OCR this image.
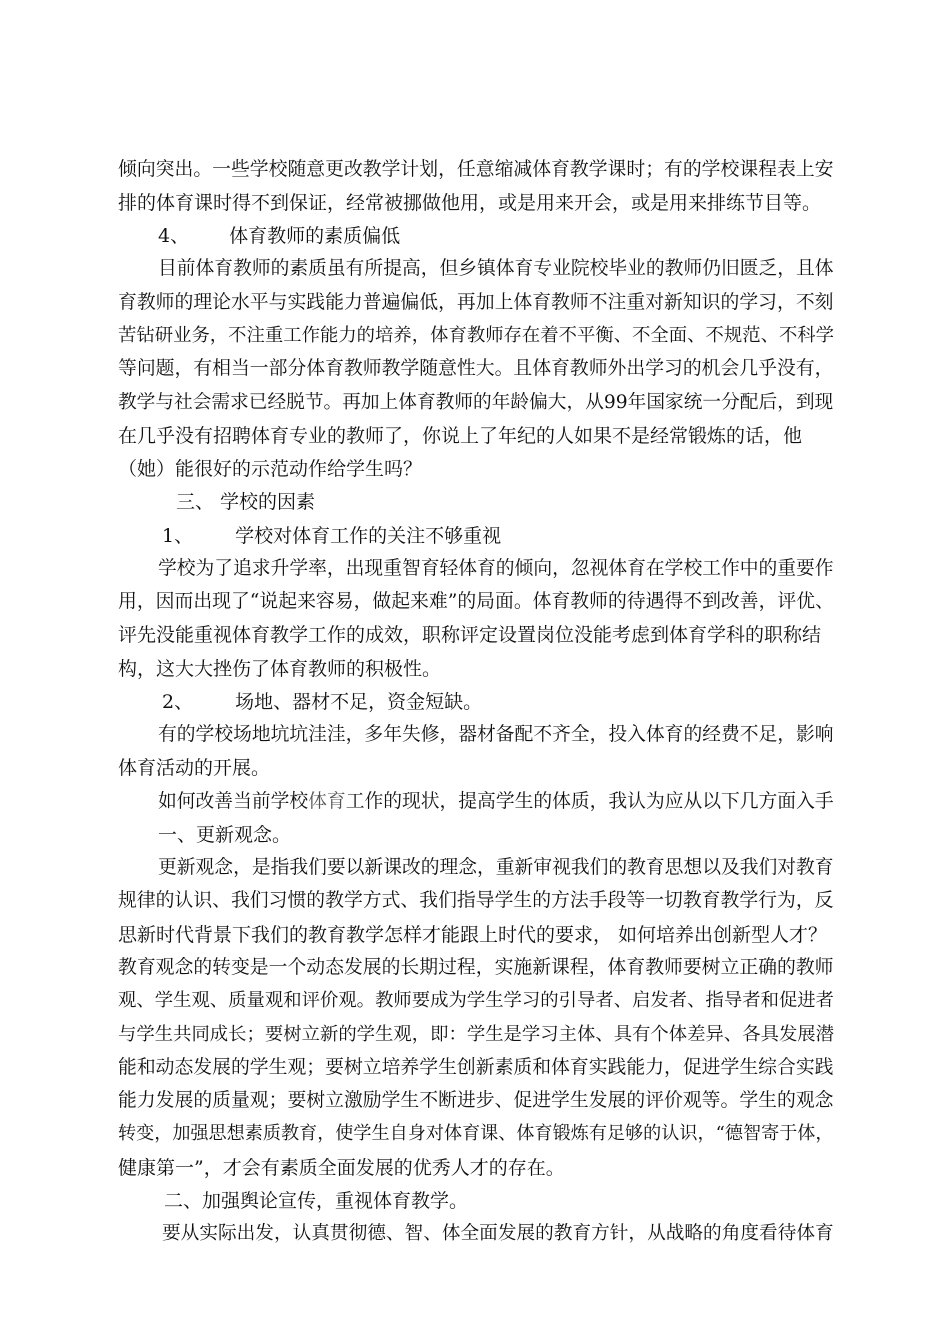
倾向突出。一些学校随意更改教学计划，任意缩减体育教学课时；有的学校课程表上安
排的体育课时得不到保证，经常被挪做他用，或是用来开会，或是用来排练节目等。
4、 体育教师的素质偏低
目前体育教师的素质虽有所提高，但乡镇体育专业院校毕业的教师仍旧匮乏，且体
育教师的理论水平与实践能力普遍偏低，再加上体育教师不注重对新知识的学习，不刻
苦钻研业务，不注重工作能力的培养，体育教师存在着不平衡、不全面、不规范、不科学
等问题，有相当一部分体育教师教学随意性大。且体育教师外出学习的机会几乎没有，
教学与社会需求已经脱节。再加上体育教师的年龄偏大，从99年国家统一分配后，到现
在几乎没有招聘体育专业的教师了，你说上了年纪的人如果不是经常锻炼的话，他
（她）能很好的示范动作给学生吗？
三、 学校的因素
1、 学校对体育工作的关注不够重视
学校为了追求升学率，出现重智育轻体育的倾向，忽视体育在学校工作中的重要作
用，因而出现了“说起来容易，做起来难”的局面。体育教师的待遇得不到改善，评优、
评先没能重视体育教学工作的成效，职称评定设置岗位没能考虑到体育学科的职称结
构，这大大挫伤了体育教师的积极性。
2、 场地、器材不足，资金短缺。
有的学校场地坑坑洼洼，多年失修，器材备配不齐全，投入体育的经费不足，影响
体育活动的开展。
如何改善当前学校体育工作的现状，提高学生的体质，我认为应从以下几方面入手
一、更新观念。
更新观念，是指我们要以新课改的理念，重新审视我们的教育思想以及我们对教育
规律的认识、我们习惯的教学方式、我们指导学生的方法手段等一切教育教学行为，反
思新时代背景下我们的教育教学怎样才能跟上时代的要求， 如何培养出创新型人才？
教育观念的转变是一个动态发展的长期过程，实施新课程，体育教师要树立正确的教师
观、学生观、质量观和评价观。教师要成为学生学习的引导者、启发者、指导者和促进者
与学生共同成长；要树立新的学生观，即：学生是学习主体、具有个体差异、各具发展潜
能和动态发展的学生观；要树立培养学生创新素质和体育实践能力，促进学生综合实践
能力发展的质量观；要树立激励学生不断进步、促进学生发展的评价观等。学生的观念
转变，加强思想素质教育，使学生自身对体育课、体育锻炼有足够的认识，“德智寄于体，
健康第一”，才会有素质全面发展的优秀人才的存在。
二、加强舆论宣传，重视体育教学。
要从实际出发，认真贯彻德、智、体全面发展的教育方针，从战略的角度看待体育
